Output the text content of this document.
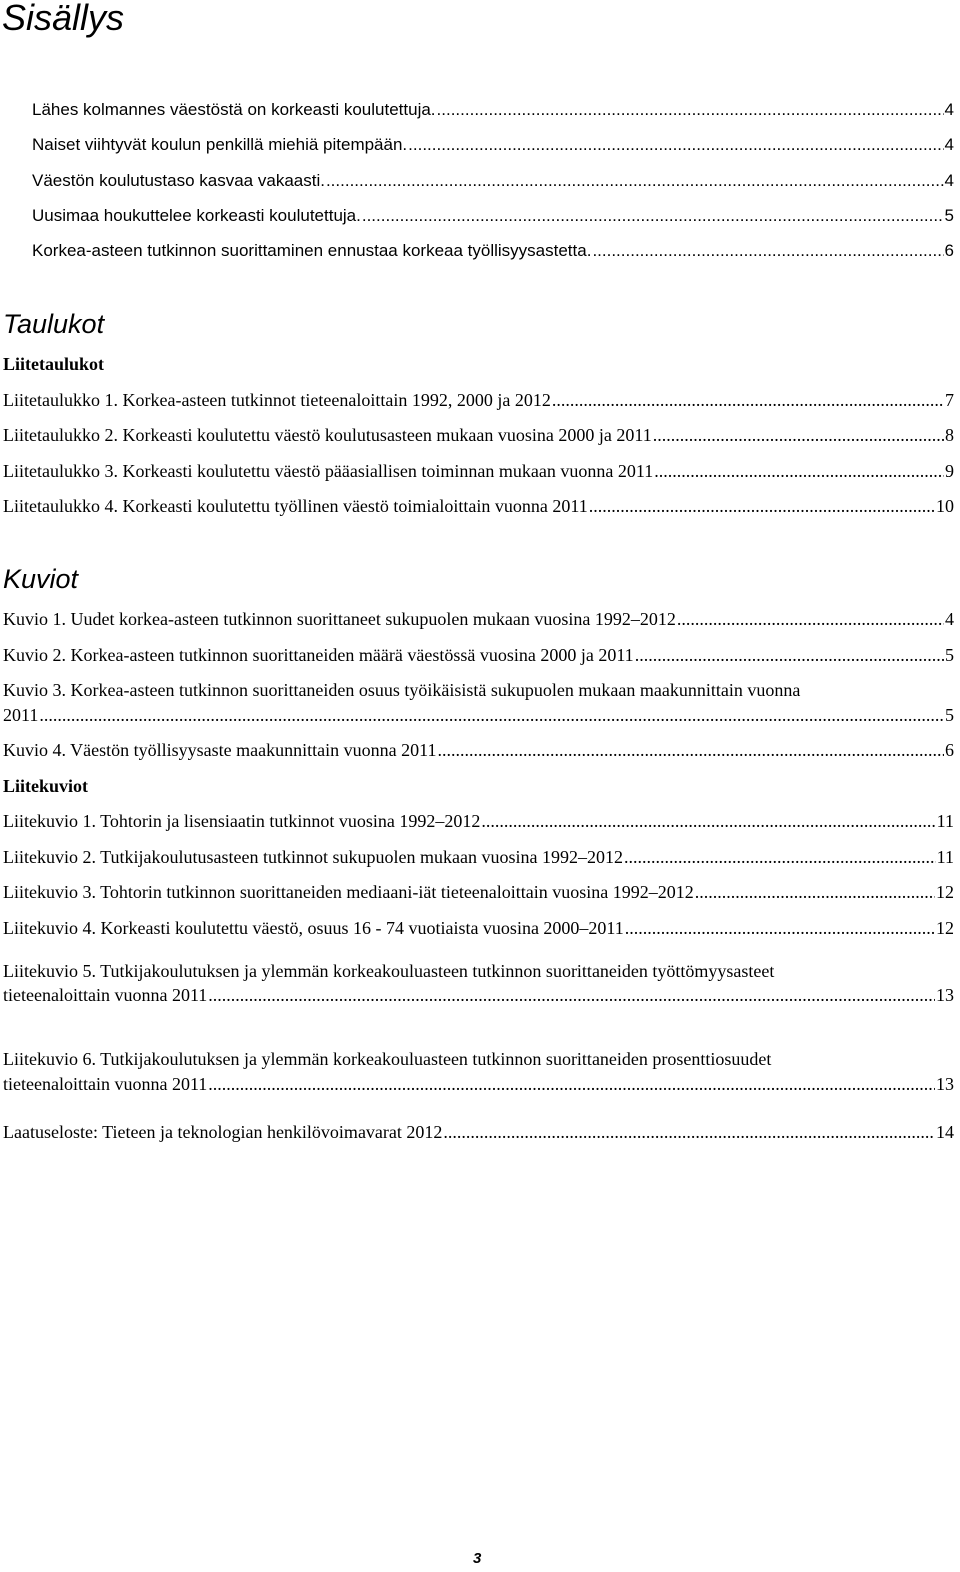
Sisällys
Lähes kolmannes väestöstä on korkeasti koulutettuja. .....	4
Naiset viihtyvät koulun penkillä miehiä pitempään. .....	4
Väestön koulutustaso kasvaa vakaasti. .....	4
Uusimaa houkuttelee korkeasti koulutettuja. .....	5
Korkea-asteen tutkinnon suorittaminen ennustaa korkeaa työllisyysastetta. .....	6
Taulukot
Liitetaulukot
Liitetaulukko 1. Korkea-asteen tutkinnot tieteenaloittain 1992, 2000 ja 2012 .....	7
Liitetaulukko 2. Korkeasti koulutettu väestö koulutusasteen mukaan vuosina 2000 ja 2011 .....	8
Liitetaulukko 3. Korkeasti koulutettu väestö pääasiallisen toiminnan mukaan vuonna 2011 .....	9
Liitetaulukko 4. Korkeasti koulutettu työllinen väestö toimialoittain vuonna 2011 .....	10
Kuviot
Kuvio 1. Uudet korkea-asteen tutkinnon suorittaneet sukupuolen mukaan vuosina 1992–2012 .....	4
Kuvio 2. Korkea-asteen tutkinnon suorittaneiden määrä väestössä vuosina 2000 ja 2011 .....	5
Kuvio 3. Korkea-asteen tutkinnon suorittaneiden osuus työikäisistä sukupuolen mukaan maakunnittain vuonna
2011 .....	5
Kuvio 4. Väestön työllisyysaste maakunnittain vuonna 2011 .....	6
Liitekuviot
Liitekuvio 1. Tohtorin ja lisensiaatin tutkinnot vuosina 1992–2012 .....	11
Liitekuvio 2. Tutkijakoulutusasteen tutkinnot sukupuolen mukaan vuosina 1992–2012 .....	11
Liitekuvio 3. Tohtorin tutkinnon suorittaneiden mediaani-iät tieteenaloittain vuosina 1992–2012 .....	12
Liitekuvio 4. Korkeasti koulutettu väestö, osuus 16 - 74 vuotiaista vuosina 2000–2011 .....	12
Liitekuvio 5. Tutkijakoulutuksen ja ylemmän korkeakouluasteen tutkinnon suorittaneiden työttömyysasteet
tieteenaloittain vuonna 2011 .....	13
Liitekuvio 6. Tutkijakoulutuksen ja ylemmän korkeakouluasteen tutkinnon suorittaneiden prosenttiosuudet
tieteenaloittain vuonna 2011 .....	13
Laatuseloste: Tieteen ja teknologian henkilövoimavarat 2012 .....	14
3
